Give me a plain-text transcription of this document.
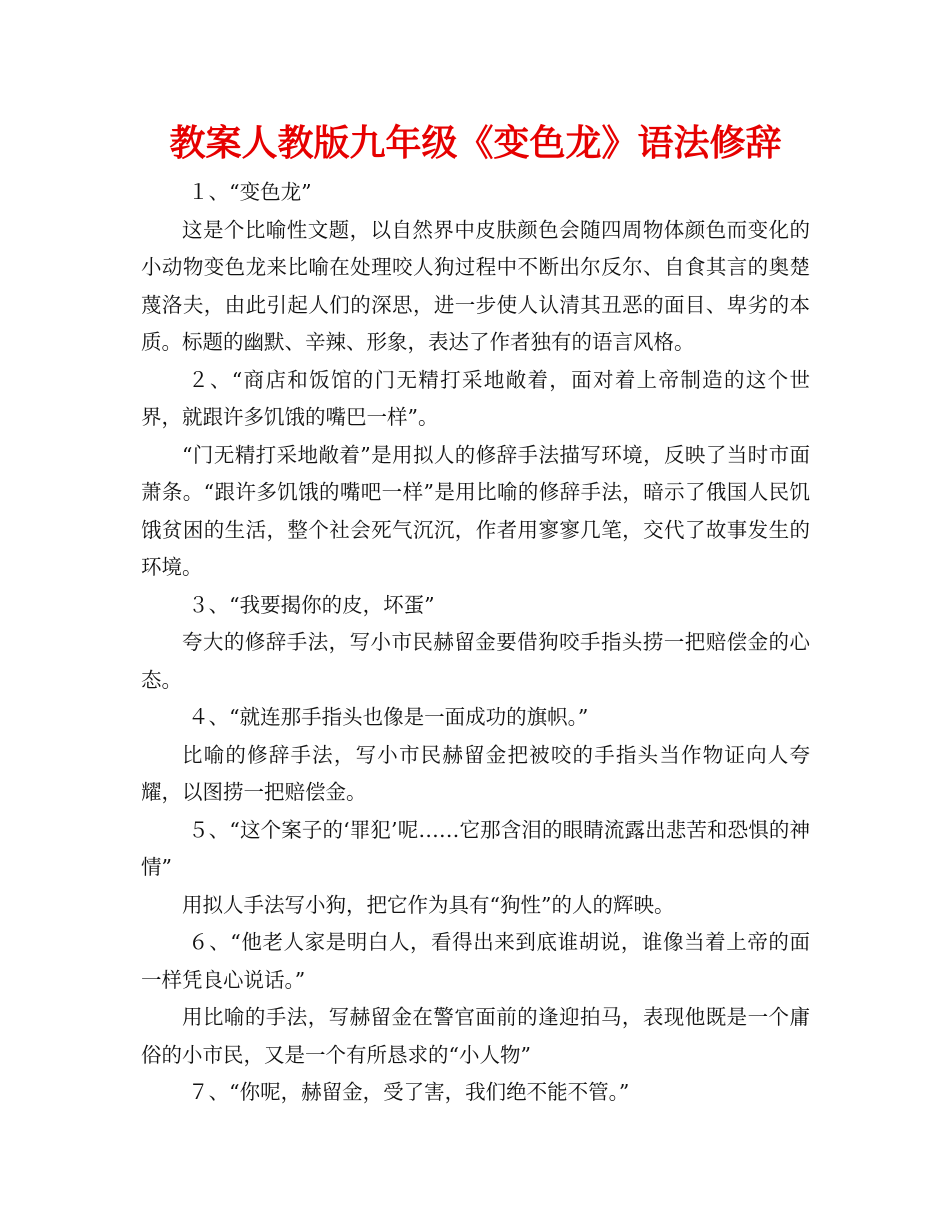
教案人教版九年级《变色龙》语法修辞

１、“变色龙”

这是个比喻性文题，以自然界中皮肤颜色会随四周物体颜色而变化的小动物变色龙来比喻在处理咬人狗过程中不断出尔反尔、自食其言的奥楚蔑洛夫，由此引起人们的深思，进一步使人认清其丑恶的面目、卑劣的本质。标题的幽默、辛辣、形象，表达了作者独有的语言风格。

２、“商店和饭馆的门无精打采地敞着，面对着上帝制造的这个世界，就跟许多饥饿的嘴巴一样”。

“门无精打采地敞着”是用拟人的修辞手法描写环境，反映了当时市面萧条。“跟许多饥饿的嘴吧一样”是用比喻的修辞手法，暗示了俄国人民饥饿贫困的生活，整个社会死气沉沉，作者用寥寥几笔，交代了故事发生的环境。

３、“我要揭你的皮，坏蛋”

夸大的修辞手法，写小市民赫留金要借狗咬手指头捞一把赔偿金的心态。

４、“就连那手指头也像是一面成功的旗帜。”

比喻的修辞手法，写小市民赫留金把被咬的手指头当作物证向人夸耀，以图捞一把赔偿金。

５、“这个案子的‘罪犯’呢……它那含泪的眼睛流露出悲苦和恐惧的神情”

用拟人手法写小狗，把它作为具有“狗性”的人的辉映。

６、“他老人家是明白人，看得出来到底谁胡说，谁像当着上帝的面一样凭良心说话。”

用比喻的手法，写赫留金在警官面前的逢迎拍马，表现他既是一个庸俗的小市民，又是一个有所恳求的“小人物”

７、“你呢，赫留金，受了害，我们绝不能不管。”
